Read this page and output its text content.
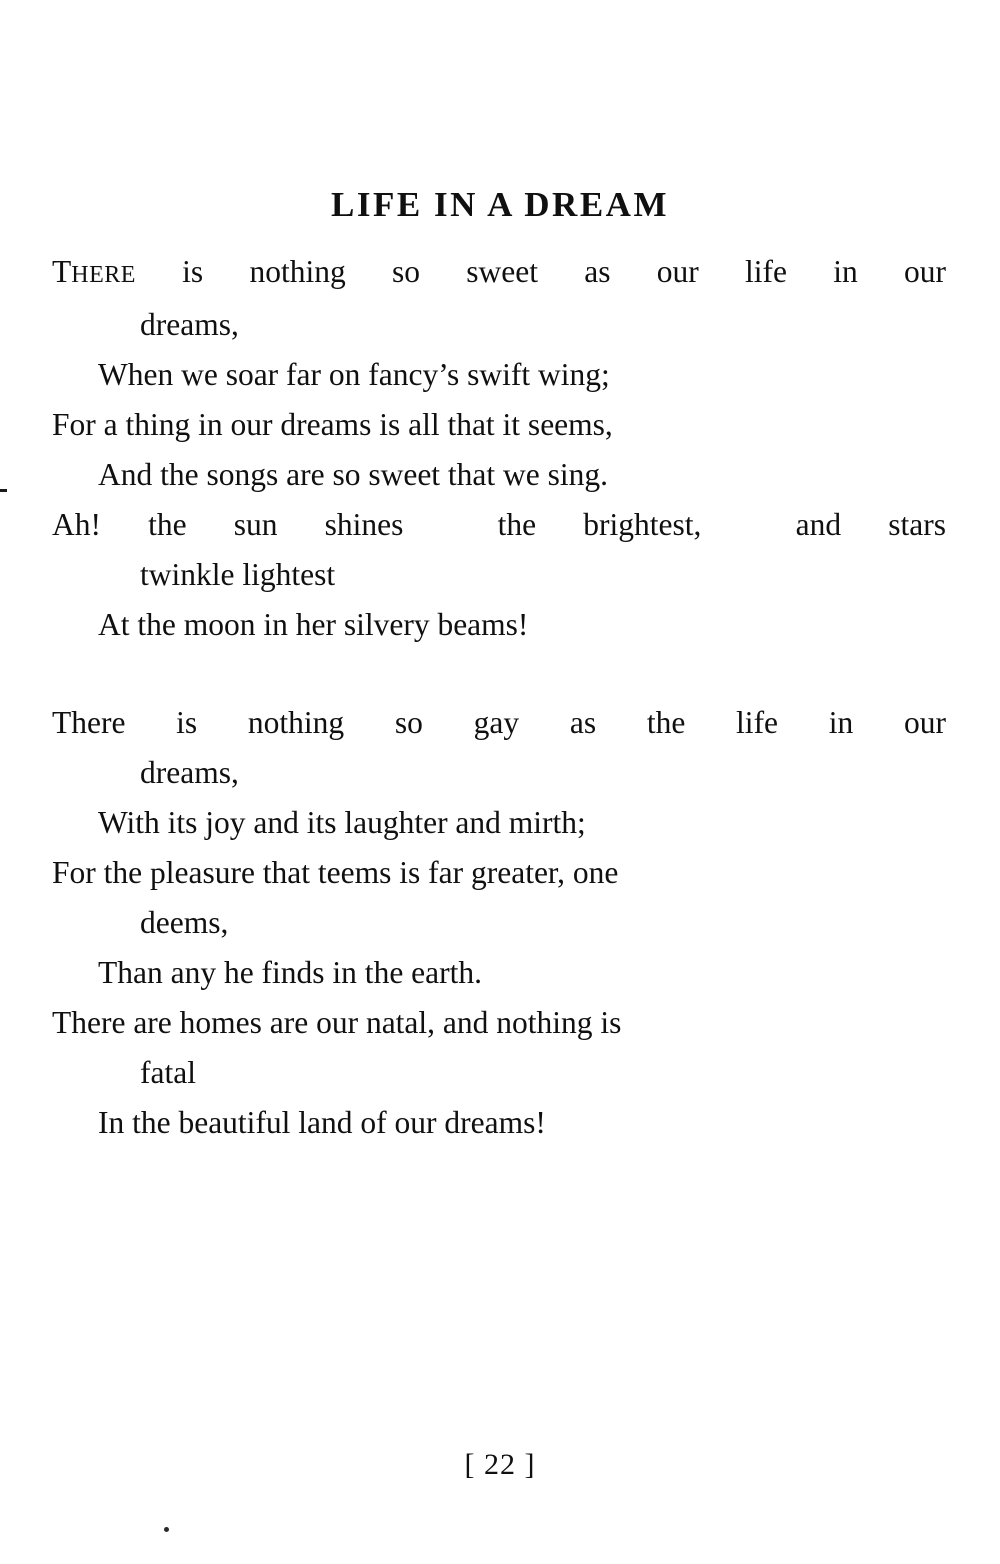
LIFE IN A DREAM
THERE is nothing so sweet as our life in our
dreams,
When we soar far on fancy’s swift wing;
For a thing in our dreams is all that it seems,
And the songs are so sweet that we sing.
Ah! the sun shines  the brightest,  and stars
twinkle lightest
At the moon in her silvery beams!
There is nothing so gay as the life in our
dreams,
With its joy and its laughter and mirth;
For the pleasure that teems is far greater, one
deems,
Than any he finds in the earth.
There are homes are our natal, and nothing is
fatal
In the beautiful land of our dreams!
[ 22 ]
